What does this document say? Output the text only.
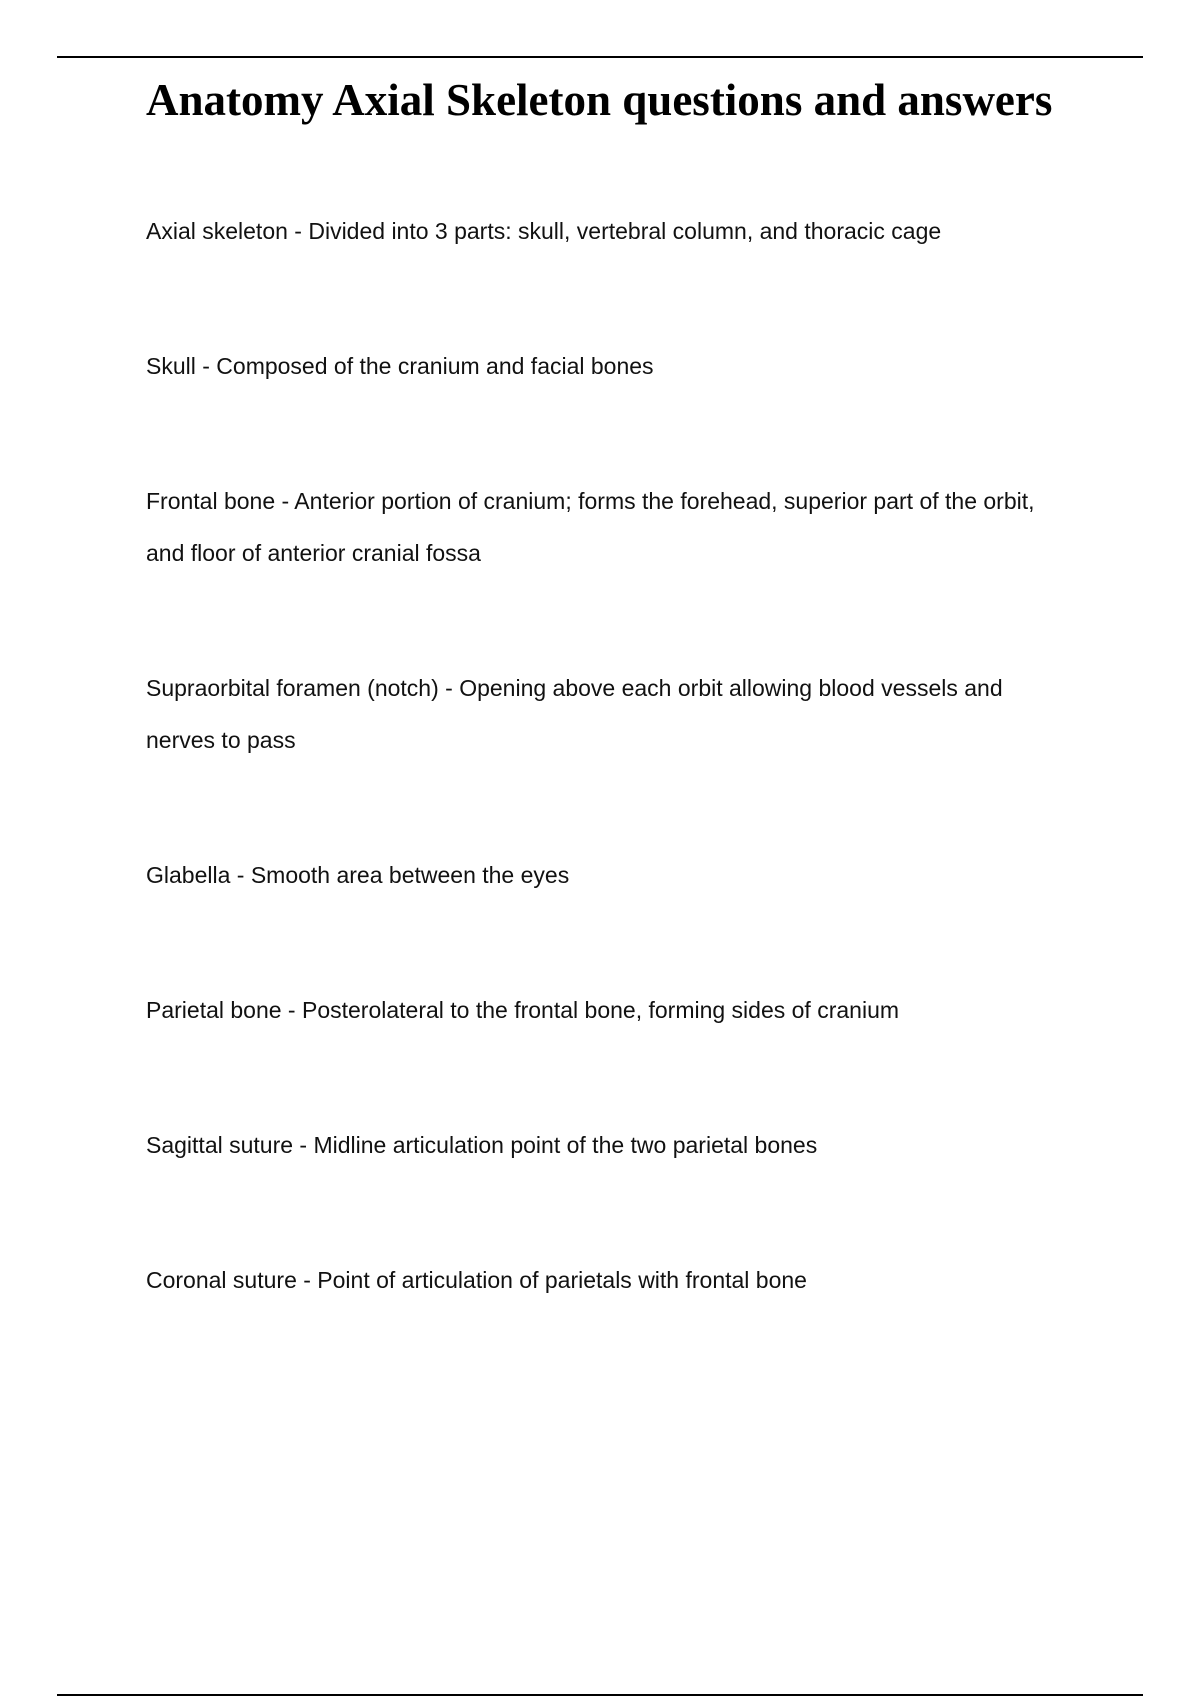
Anatomy Axial Skeleton questions and answers
Axial skeleton - Divided into 3 parts: skull, vertebral column, and thoracic cage
Skull - Composed of the cranium and facial bones
Frontal bone - Anterior portion of cranium; forms the forehead, superior part of the orbit, and floor of anterior cranial fossa
Supraorbital foramen (notch) - Opening above each orbit allowing blood vessels and nerves to pass
Glabella - Smooth area between the eyes
Parietal bone - Posterolateral to the frontal bone, forming sides of cranium
Sagittal suture - Midline articulation point of the two parietal bones
Coronal suture - Point of articulation of parietals with frontal bone
